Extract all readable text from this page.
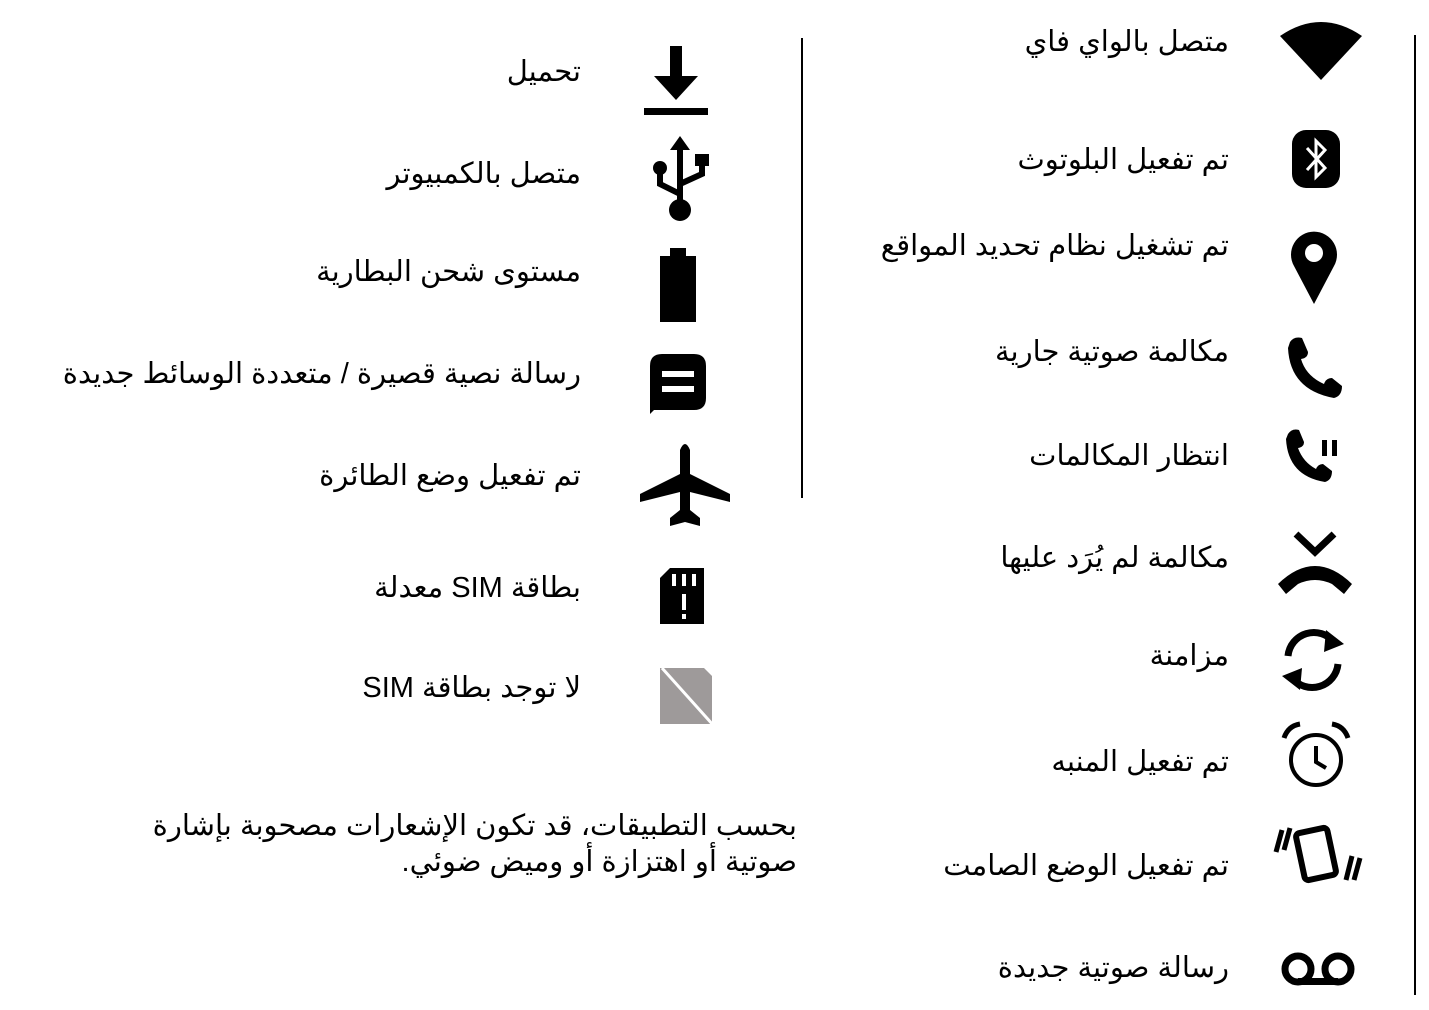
متصل بالواي فاي
تم تفعيل البلوتوث
تم تشغيل نظام تحديد المواقع
مكالمة صوتية جارية
انتظار المكالمات
مكالمة لم يُرَد عليها
مزامنة
تم تفعيل المنبه
تم تفعيل الوضع الصامت
رسالة صوتية جديدة
تحميل
متصل بالكمبيوتر
مستوى شحن البطارية
رسالة نصية قصيرة / متعددة الوسائط جديدة
تم تفعيل وضع الطائرة
بطاقة SIM معدلة
لا توجد بطاقة SIM
بحسب التطبيقات، قد تكون الإشعارات مصحوبة بإشارة
صوتية أو اهتزازة أو وميض ضوئي.
